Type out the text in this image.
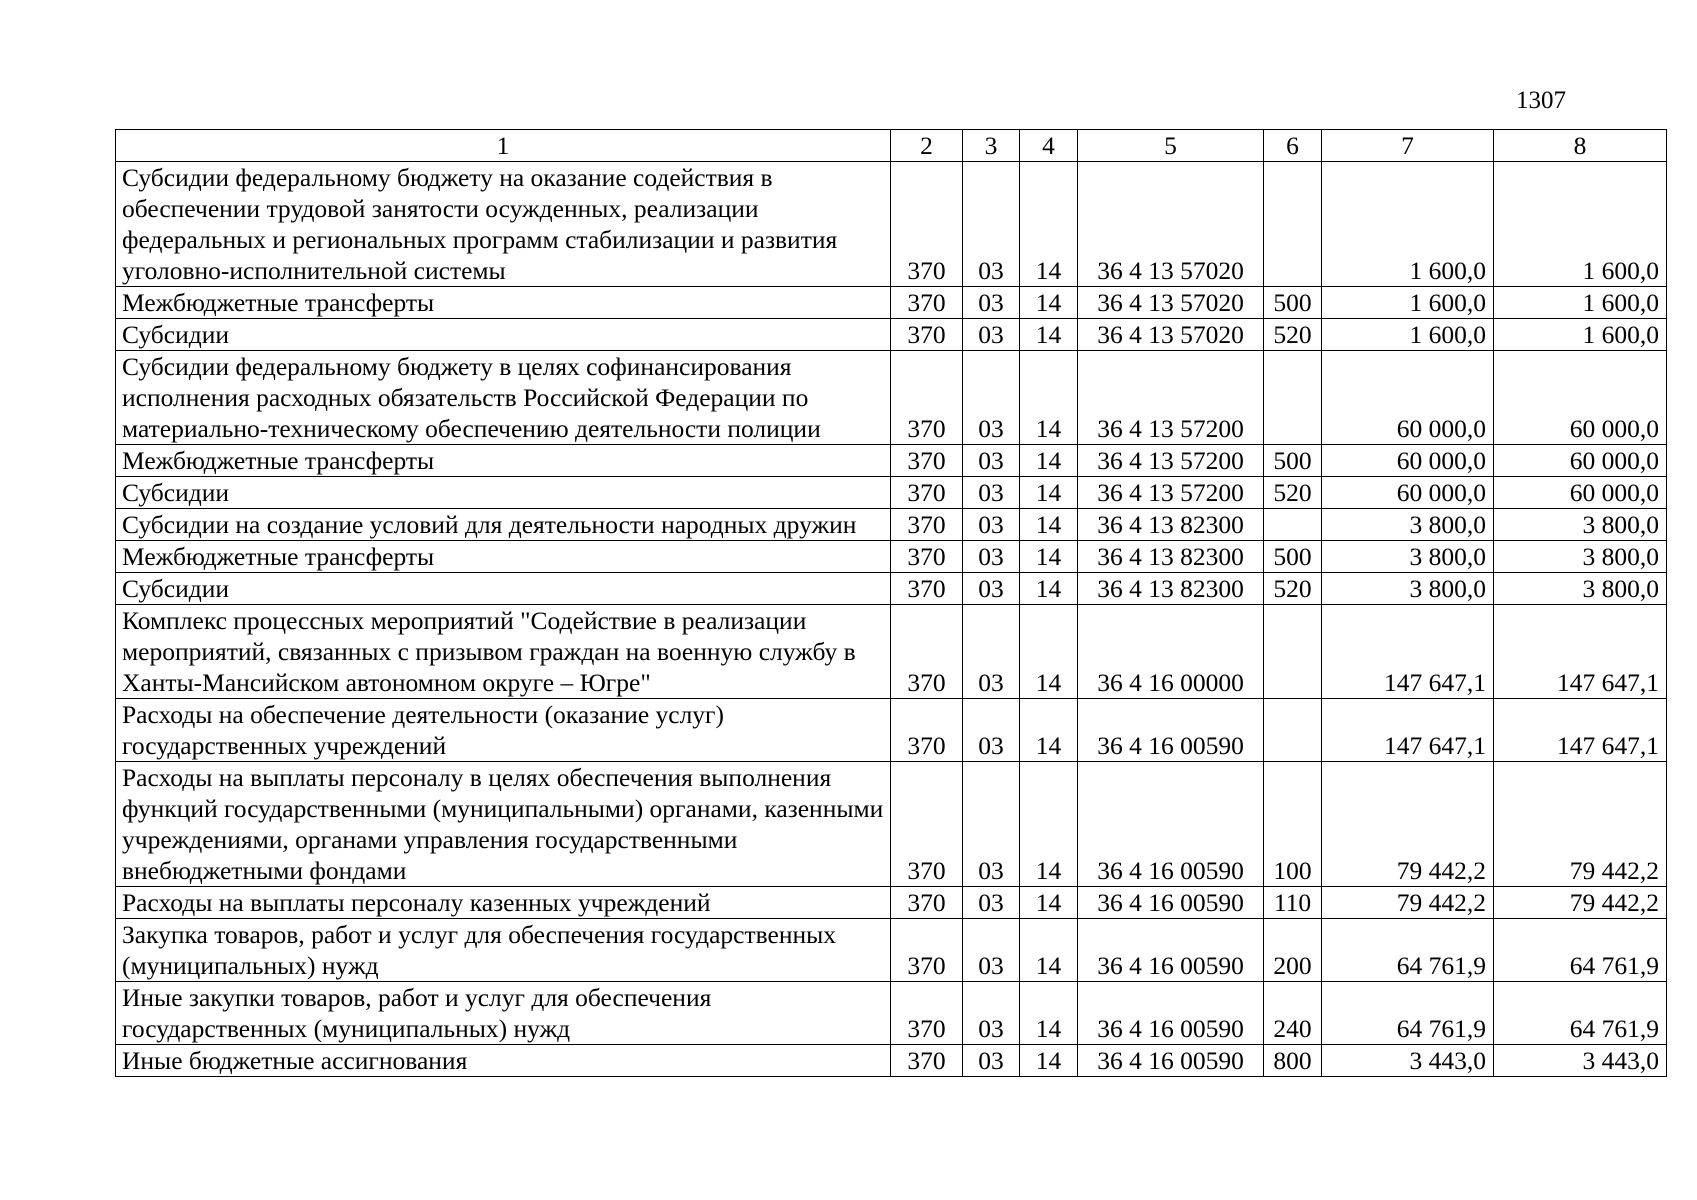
1307
1	2	3	4	5	6	7	8
Субсидии федеральному бюджету на оказание содействия в обеспечении трудовой занятости осужденных, реализации федеральных и региональных программ стабилизации и развития уголовно-исполнительной системы	370	03	14	36 4 13 57020		1 600,0	1 600,0
Межбюджетные трансферты	370	03	14	36 4 13 57020	500	1 600,0	1 600,0
Субсидии	370	03	14	36 4 13 57020	520	1 600,0	1 600,0
Субсидии федеральному бюджету в целях софинансирования исполнения расходных обязательств Российской Федерации по материально-техническому обеспечению деятельности полиции	370	03	14	36 4 13 57200		60 000,0	60 000,0
Межбюджетные трансферты	370	03	14	36 4 13 57200	500	60 000,0	60 000,0
Субсидии	370	03	14	36 4 13 57200	520	60 000,0	60 000,0
Субсидии на создание условий для деятельности народных дружин	370	03	14	36 4 13 82300		3 800,0	3 800,0
Межбюджетные трансферты	370	03	14	36 4 13 82300	500	3 800,0	3 800,0
Субсидии	370	03	14	36 4 13 82300	520	3 800,0	3 800,0
Комплекс процессных мероприятий "Содействие в реализации мероприятий, связанных с призывом граждан на военную службу в Ханты-Мансийском автономном округе – Югре"	370	03	14	36 4 16 00000		147 647,1	147 647,1
Расходы на обеспечение деятельности (оказание услуг) государственных учреждений	370	03	14	36 4 16 00590		147 647,1	147 647,1
Расходы на выплаты персоналу в целях обеспечения выполнения функций государственными (муниципальными) органами, казенными учреждениями, органами управления государственными внебюджетными фондами	370	03	14	36 4 16 00590	100	79 442,2	79 442,2
Расходы на выплаты персоналу казенных учреждений	370	03	14	36 4 16 00590	110	79 442,2	79 442,2
Закупка товаров, работ и услуг для обеспечения государственных (муниципальных) нужд	370	03	14	36 4 16 00590	200	64 761,9	64 761,9
Иные закупки товаров, работ и услуг для обеспечения государственных (муниципальных) нужд	370	03	14	36 4 16 00590	240	64 761,9	64 761,9
Иные бюджетные ассигнования	370	03	14	36 4 16 00590	800	3 443,0	3 443,0
